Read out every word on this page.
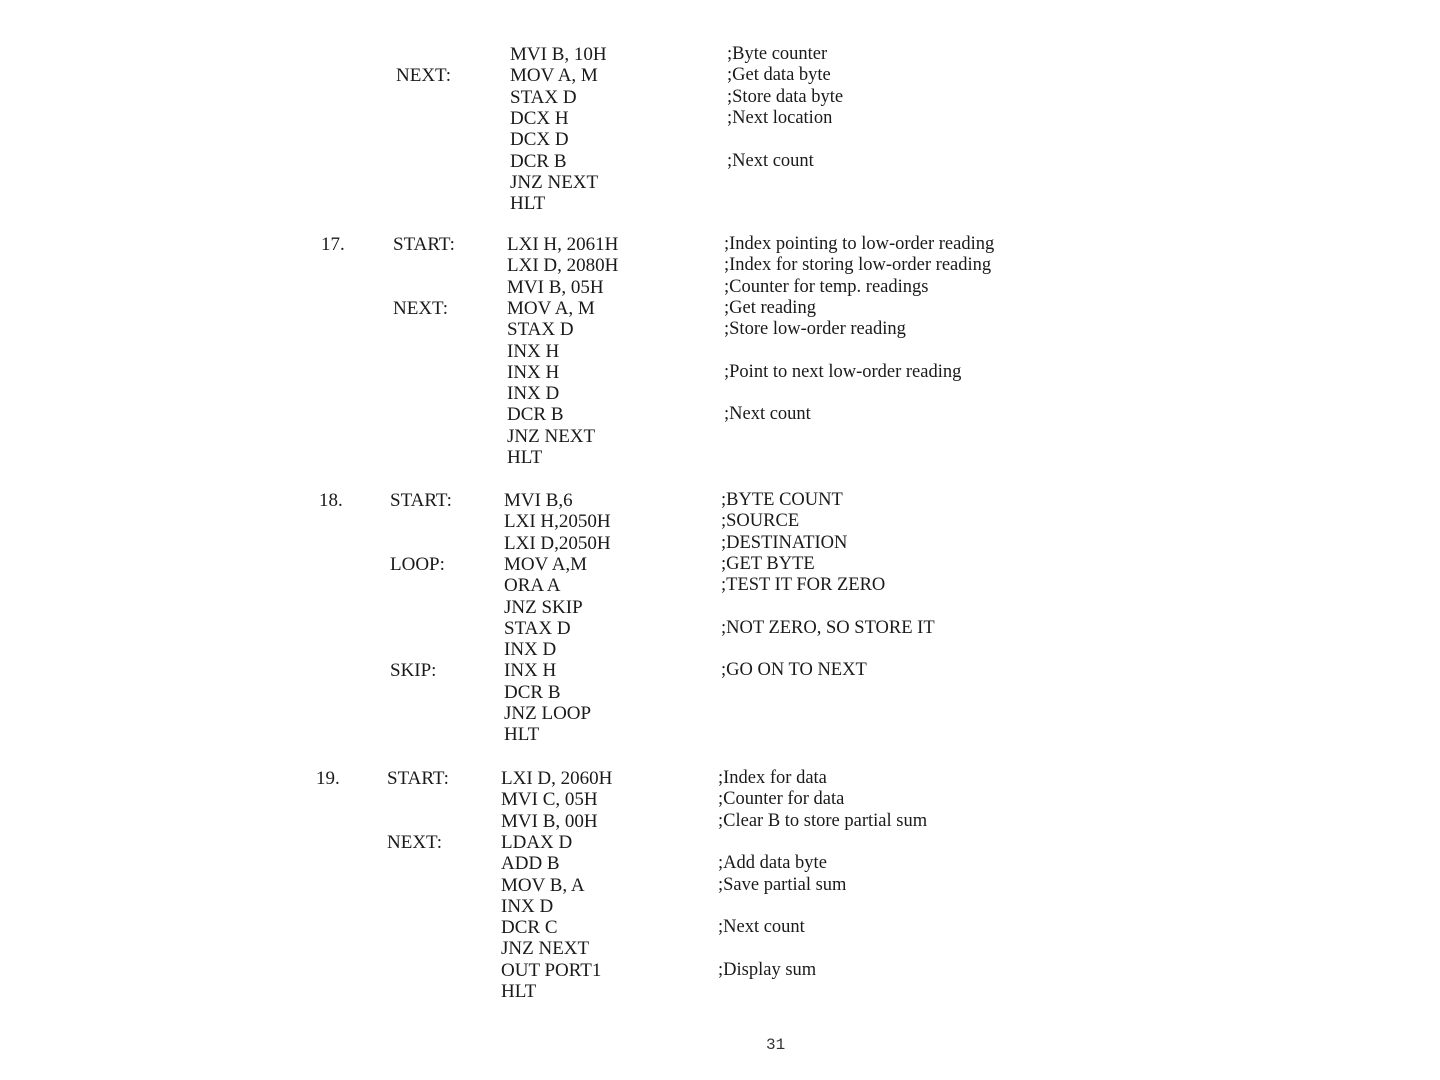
MVI B, 10H	;Byte counter
NEXT:	MOV A, M	;Get data byte
STAX D	;Store data byte
DCX H	;Next location
DCX D
DCR B	;Next count
JNZ NEXT
HLT
17.	START:	LXI H, 2061H	;Index pointing to low-order reading
LXI D, 2080H	;Index for storing low-order reading
MVI B, 05H	;Counter for temp. readings
NEXT:	MOV A, M	;Get reading
STAX D	;Store low-order reading
INX H
INX H	;Point to next low-order reading
INX D
DCR B	;Next count
JNZ NEXT
HLT
18. START:	MVI B,6	;BYTE COUNT
LXI H,2050H	;SOURCE
LXI D,2050H	;DESTINATION
LOOP:	MOV A,M	;GET BYTE
ORA A	;TEST IT FOR ZERO
JNZ SKIP
STAX D	;NOT ZERO, SO STORE IT
INX D
SKIP:	INX H	;GO ON TO NEXT
DCR B
JNZ LOOP
HLT
19. START:	LXI D, 2060H	;Index for data
MVI C, 05H	;Counter for data
MVI B, 00H	;Clear B to store partial sum
NEXT:	LDAX D
ADD B	;Add data byte
MOV B, A	;Save partial sum
INX D
DCR C	;Next count
JNZ NEXT
OUT PORT1	;Display sum
HLT
31
